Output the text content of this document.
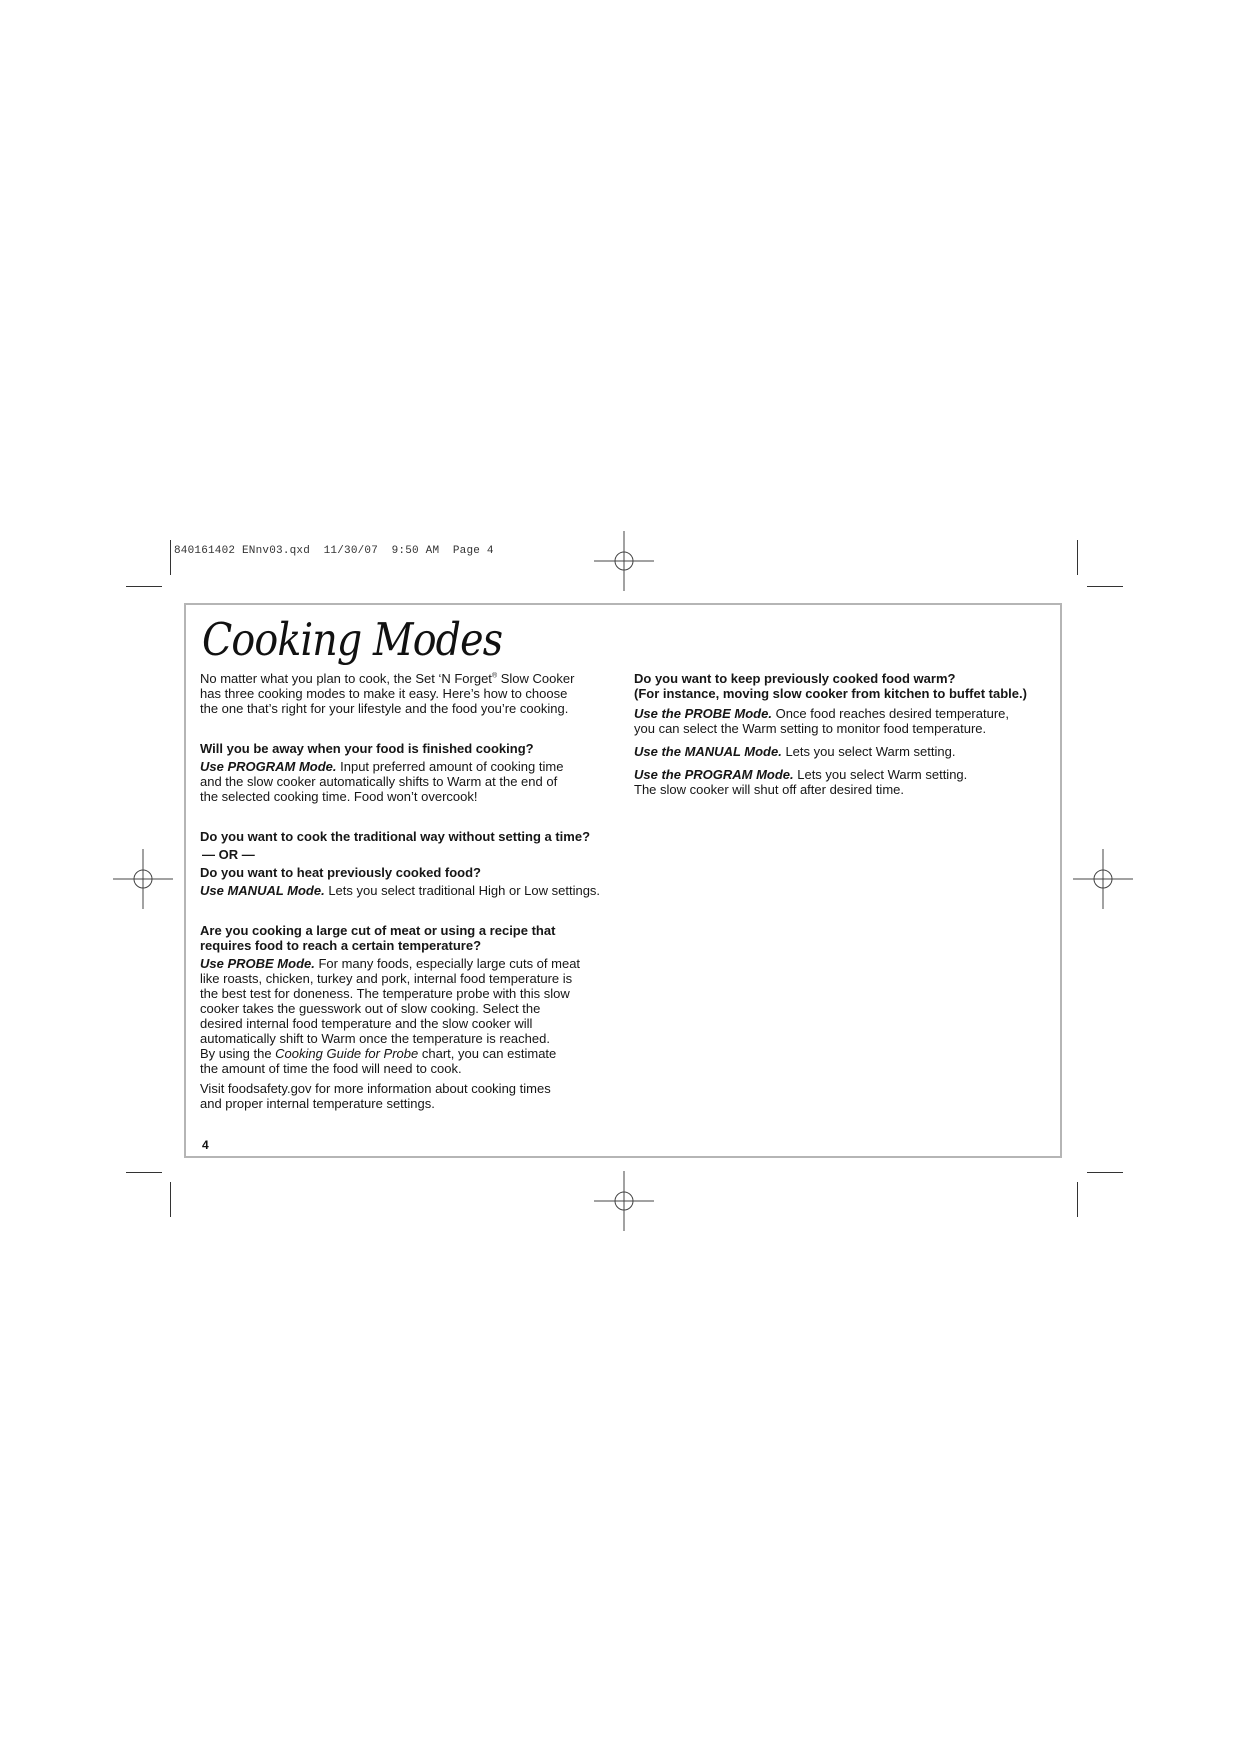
840161402 ENnv03.qxd  11/30/07  9:50 AM  Page 4
Cooking Modes

No matter what you plan to cook, the Set ‘N Forget® Slow Cooker
has three cooking modes to make it easy. Here’s how to choose
the one that’s right for your lifestyle and the food you’re cooking.

Will you be away when your food is finished cooking?

Use PROGRAM Mode. Input preferred amount of cooking time
and the slow cooker automatically shifts to Warm at the end of
the selected cooking time. Food won’t overcook!

Do you want to cook the traditional way without setting a time?

— OR —

Do you want to heat previously cooked food?

Use MANUAL Mode. Lets you select traditional High or Low settings.

Are you cooking a large cut of meat or using a recipe that
requires food to reach a certain temperature?

Use PROBE Mode. For many foods, especially large cuts of meat
like roasts, chicken, turkey and pork, internal food temperature is
the best test for doneness. The temperature probe with this slow
cooker takes the guesswork out of slow cooking. Select the
desired internal food temperature and the slow cooker will
automatically shift to Warm once the temperature is reached.
By using the Cooking Guide for Probe chart, you can estimate
the amount of time the food will need to cook.

Visit foodsafety.gov for more information about cooking times
and proper internal temperature settings.

Do you want to keep previously cooked food warm?
(For instance, moving slow cooker from kitchen to buffet table.)

Use the PROBE Mode. Once food reaches desired temperature,
you can select the Warm setting to monitor food temperature.

Use the MANUAL Mode. Lets you select Warm setting.

Use the PROGRAM Mode. Lets you select Warm setting.
The slow cooker will shut off after desired time.

4
